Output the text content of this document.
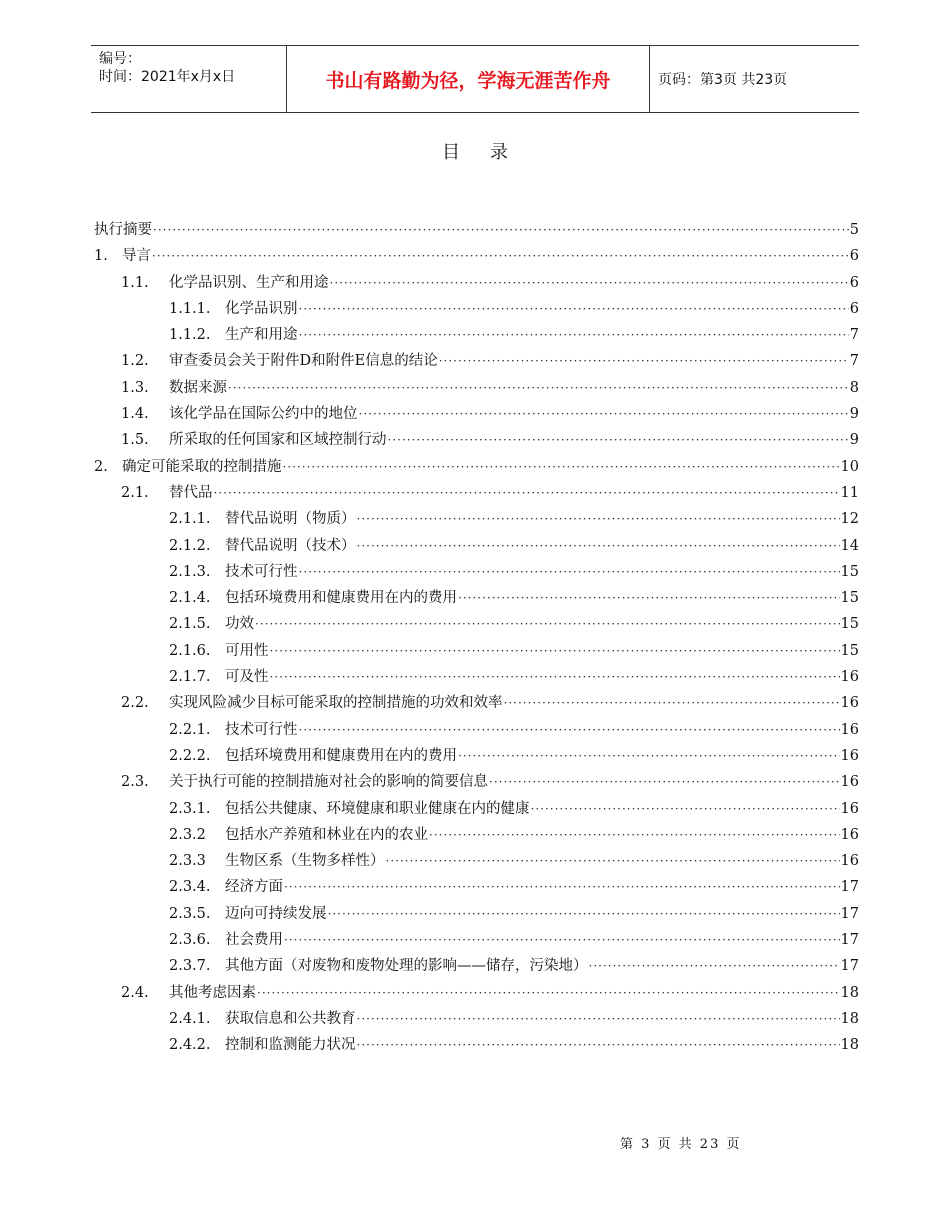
编号：
时间：2021年x月x日	书山有路勤为径，学海无涯苦作舟	页码：第3页 共23页
目录
执行摘要 ·····	5
1. 导言 ·····	6
1.1.	化学品识别、生产和用途 ·····	6
1.1.1. 化学品识别 ·····	6
1.1.2. 生产和用途 ·····	7
1.2.	审查委员会关于附件D和附件E信息的结论 ·····	7
1.3.	数据来源 ·····	8
1.4.	该化学品在国际公约中的地位 ·····	9
1.5.	所采取的任何国家和区域控制行动 ·····	9
2. 确定可能采取的控制措施 ·····	10
2.1.	替代品 ·····	11
2.1.1. 替代品说明（物质） ·····	12
2.1.2. 替代品说明（技术） ·····	14
2.1.3. 技术可行性 ·····	15
2.1.4. 包括环境费用和健康费用在内的费用 ·····	15
2.1.5. 功效 ·····	15
2.1.6. 可用性 ·····	15
2.1.7. 可及性 ·····	16
2.2.	实现风险减少目标可能采取的控制措施的功效和效率 ·····	16
2.2.1. 技术可行性 ·····	16
2.2.2. 包括环境费用和健康费用在内的费用 ·····	16
2.3.	关于执行可能的控制措施对社会的影响的简要信息 ·····	16
2.3.1. 包括公共健康、环境健康和职业健康在内的健康 ·····	16
2.3.2	包括水产养殖和林业在内的农业 ·····	16
2.3.3	生物区系（生物多样性） ·····	16
2.3.4. 经济方面 ·····	17
2.3.5. 迈向可持续发展 ·····	17
2.3.6. 社会费用 ·····	17
2.3.7. 其他方面（对废物和废物处理的影响——储存，污染地） ·····	17
2.4.	其他考虑因素 ·····	18
2.4.1. 获取信息和公共教育 ·····	18
2.4.2. 控制和监测能力状况 ·····	18
第 3 页 共 23 页
